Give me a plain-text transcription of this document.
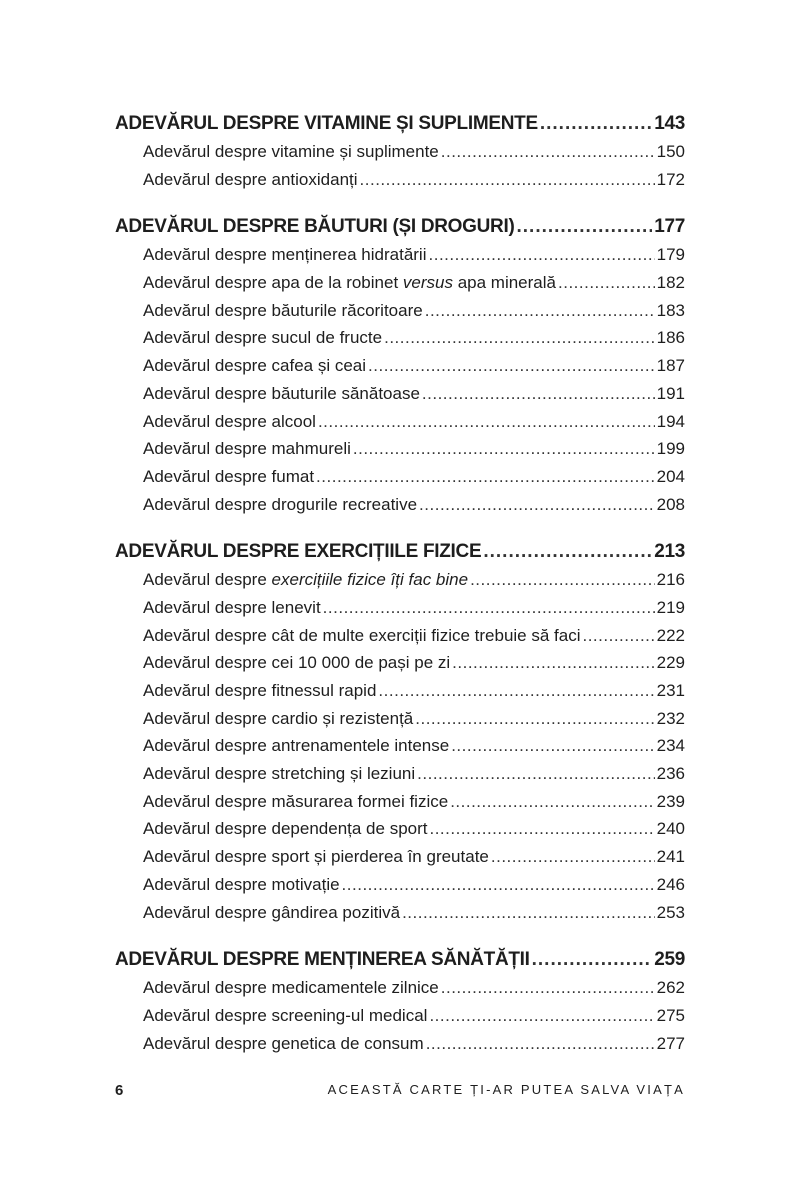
ADEVĂRUL DESPRE VITAMINE ȘI SUPLIMENTE .....	143
Adevărul despre vitamine și suplimente .....	150
Adevărul despre antioxidanți .....	172
ADEVĂRUL DESPRE BĂUTURI (ȘI DROGURI) .....	177
Adevărul despre menținerea hidratării .....	179
Adevărul despre apa de la robinet versus apa minerală .....	182
Adevărul despre băuturile răcoritoare .....	183
Adevărul despre sucul de fructe .....	186
Adevărul despre cafea și ceai .....	187
Adevărul despre băuturile sănătoase .....	191
Adevărul despre alcool .....	194
Adevărul despre mahmureli .....	199
Adevărul despre fumat .....	204
Adevărul despre drogurile recreative .....	208
ADEVĂRUL DESPRE EXERCIȚIILE FIZICE .....	213
Adevărul despre exercițiile fizice îți fac bine .....	216
Adevărul despre lenevit .....	219
Adevărul despre cât de multe exerciții fizice trebuie să faci .....	222
Adevărul despre cei 10 000 de pași pe zi .....	229
Adevărul despre fitnessul rapid .....	231
Adevărul despre cardio și rezistență .....	232
Adevărul despre antrenamentele intense .....	234
Adevărul despre stretching și leziuni .....	236
Adevărul despre măsurarea formei fizice .....	239
Adevărul despre dependența de sport .....	240
Adevărul despre sport și pierderea în greutate .....	241
Adevărul despre motivație .....	246
Adevărul despre gândirea pozitivă .....	253
ADEVĂRUL DESPRE MENȚINEREA SĂNĂTĂȚII .....	259
Adevărul despre medicamentele zilnice .....	262
Adevărul despre screening-ul medical .....	275
Adevărul despre genetica de consum .....	277
6	ACEASTĂ CARTE ȚI-AR PUTEA SALVA VIAȚA
